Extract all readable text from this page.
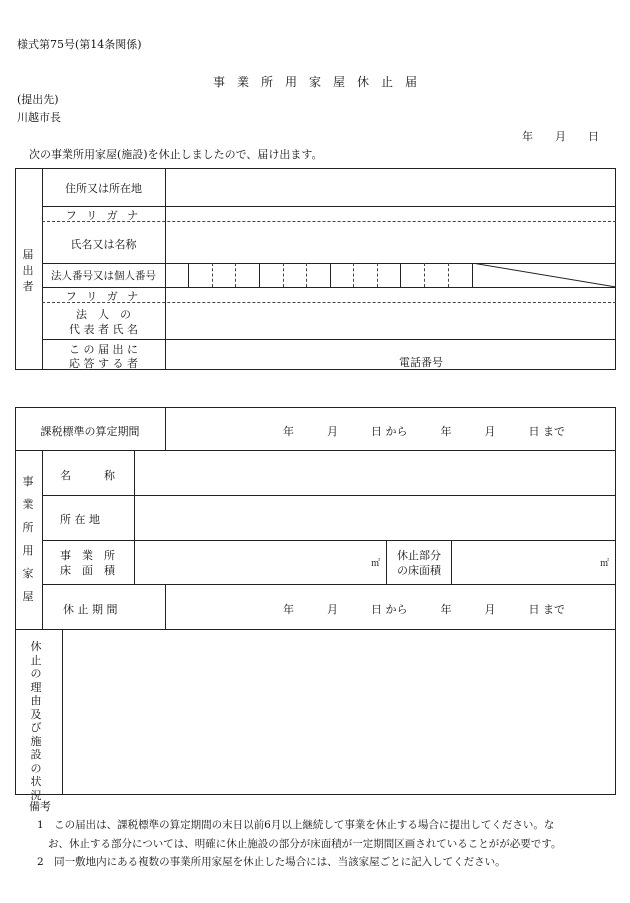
様式第75号(第14条関係)
事　業　所　用　家　屋　休　止　届
(提出先)
川越市長
年　　月　　日
次の事業所用家屋(施設)を休止しましたので、届け出ます。
届出者
住所又は所在地
フ リ ガ ナ
氏名又は名称
法人番号又は個人番号
フ リ ガ ナ
法　人　の
代 表 者 氏 名
こ の 届 出 に
応 答 す る 者	電話番号
課税標準の算定期間	年　　　月　　　日 から　　　年　　　月　　　日 まで
事業所用家屋
名　　　称
所 在 地
事　業　所
床　面　積	㎡
休止部分
の床面積	㎡
休 止 期 間	年　　　月　　　日 から　　　年　　　月　　　日 まで
休止の理由及び施設の状況
備考
1　この届出は、課税標準の算定期間の末日以前6月以上継続して事業を休止する場合に提出してください。な
お、休止する部分については、明確に休止施設の部分が床面積が一定期間区画されていることがが必要です。
2　同一敷地内にある複数の事業所用家屋を休止した場合には、当該家屋ごとに記入してください。
